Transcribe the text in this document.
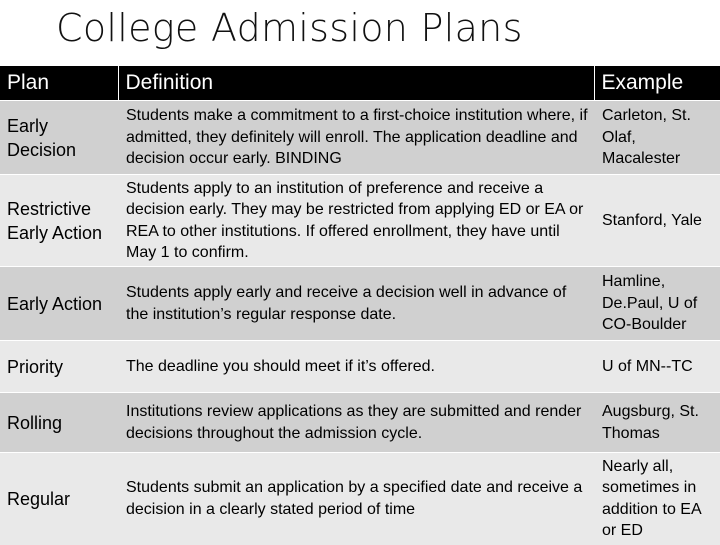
College Admission Plans
Plan	Definition	Example
Early Decision	Students make a commitment to a first-choice institution where, if admitted, they definitely will enroll. The application deadline and decision occur early. BINDING	Carleton, St. Olaf, Macalester
Restrictive Early Action	Students apply to an institution of preference and receive a decision early. They may be restricted from applying ED or EA or REA to other institutions. If offered enrollment, they have until May 1 to confirm.	Stanford, Yale
Early Action	Students apply early and receive a decision well in advance of the institution’s regular response date.	Hamline, De.Paul, U of CO-Boulder
Priority	The deadline you should meet if it’s offered.	U of MN--TC
Rolling	Institutions review applications as they are submitted and render decisions throughout the admission cycle.	Augsburg, St. Thomas
Regular	Students submit an application by a specified date and receive a decision in a clearly stated period of time	Nearly all, sometimes in addition to EA or ED
